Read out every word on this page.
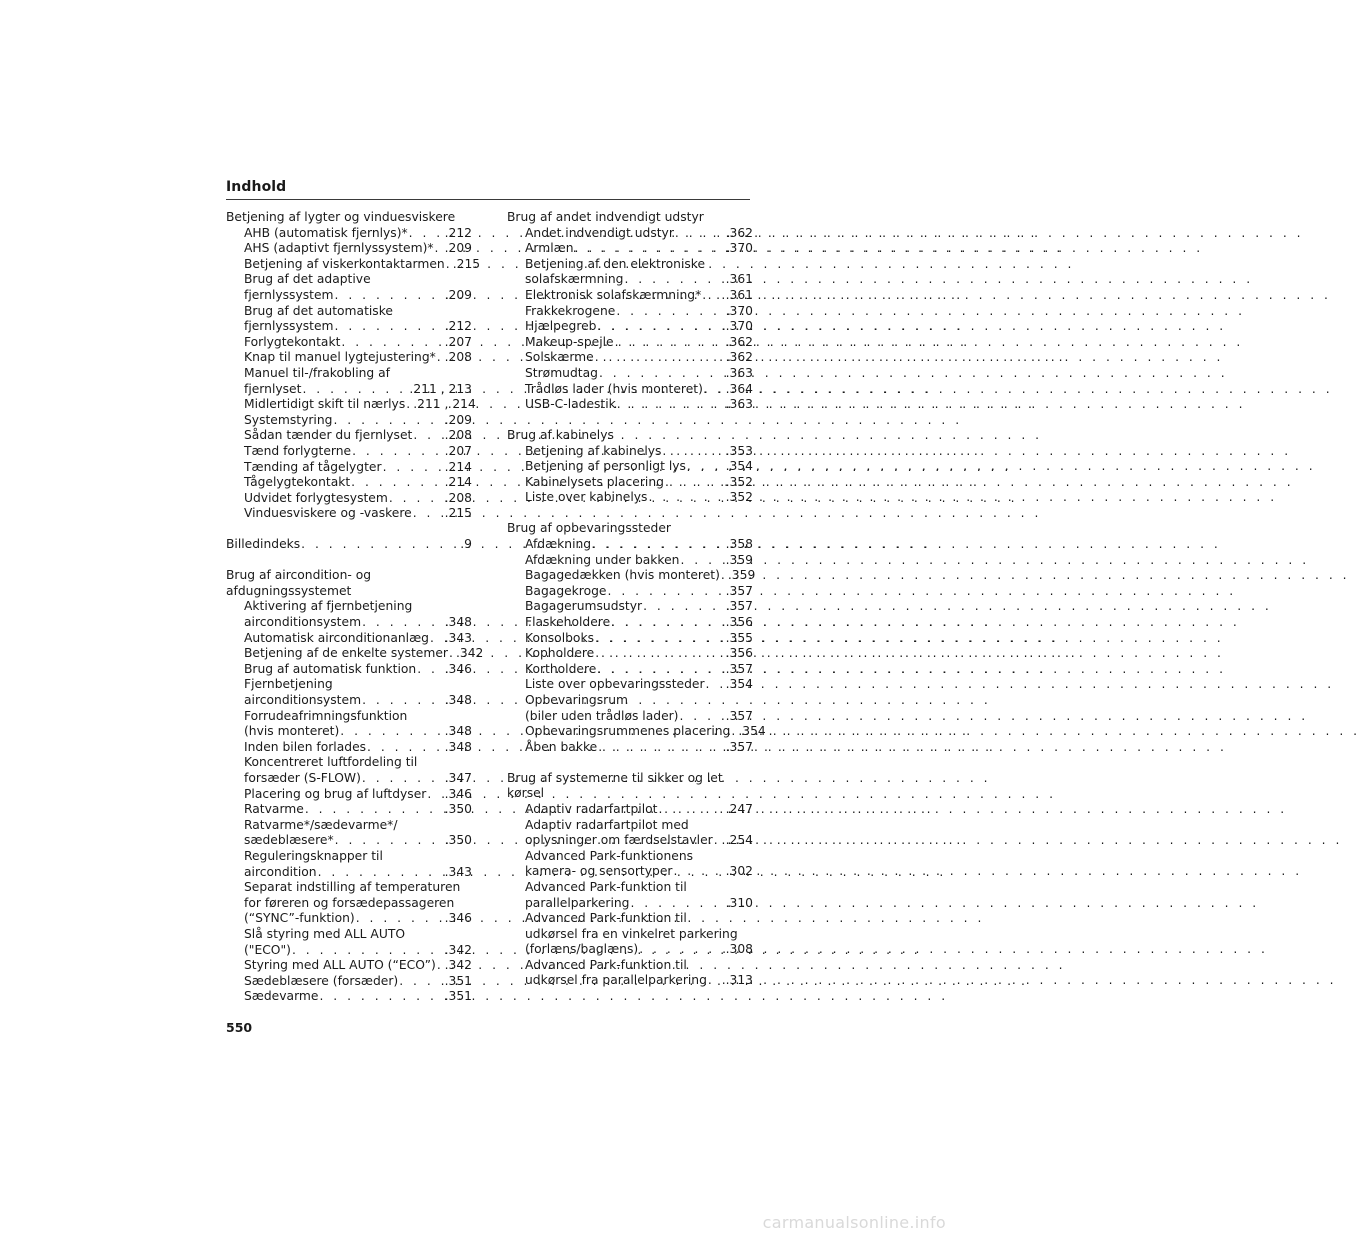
Indhold
Betjening af lygter og vinduesviskere
AHB (automatisk fjernlys)* . . .	.212
AHS (adaptivt fjernlyssystem)* . . . .209
Betjening af viskerkontaktarmen . . . .215
Brug af det adaptive
fjernlyssystem . . .	.209
Brug af det automatiske
fjernlyssystem . . .	.212
Forlygtekontakt . . .	.207
Knap til manuel lygtejustering* . . . .208
Manuel til-/frakobling af
fjernlyset . . .	.211 , 213
Midlertidigt skift til nærlys . . . .211 , 214
Systemstyring . . .	.209
Sådan tænder du fjernlyset . . .	.208
Tænd forlygterne . . .	.207
Tænding af tågelygter . . .	.214
Tågelygtekontakt . . .	.214
Udvidet forlygtesystem . . .	.208
Vinduesviskere og -vaskere . . .	.215
Billedindeks . . .	.9
Brug af aircondition- og
afdugningssystemet
Aktivering af fjernbetjening
airconditionsystem . . .	.348
Automatisk airconditionanlæg . . . .343
Betjening af de enkelte systemer . . . .342
Brug af automatisk funktion . . . .346
Fjernbetjening
airconditionsystem . . .	.348
Forrudeafrimningsfunktion
(hvis monteret) . . .	.348
Inden bilen forlades . . .	.348
Koncentreret luftfordeling til
forsæder (S-FLOW) . . .	.347
Placering og brug af luftdyser . . . .346
Ratvarme . . .	.350
Ratvarme*/sædevarme*/
sædeblæsere* . . .	.350
Reguleringsknapper til
aircondition . . .	.343
Separat indstilling af temperaturen
for føreren og forsædepassageren
(“SYNC”-funktion) . . .	.346
Slå styring med ALL AUTO
("ECO") . . .	.342
Styring med ALL AUTO (“ECO”) . . . .342
Sædeblæsere (forsæder) . . .	.351
Sædevarme . . .	.351
Brug af andet indvendigt udstyr
Andet indvendigt udstyr . . .	.362
Armlæn . . .	.370
Betjening af den elektroniske
solafskærmning . . .	.361
Elektronisk solafskærmning* . . . .361
Frakkekrogene . . .	.370
Hjælpegreb . . .	.370
Makeup-spejle . . .	.362
Solskærme . . .	.362
Strømudtag . . .	.363
Trådløs lader (hvis monteret) . . . .364
USB-C-ladestik . . .	.363
Brug af kabinelys
Betjening af kabinelys . . .	.353
Betjening af personligt lys . . .	.354
Kabinelysets placering . . .	.352
Liste over kabinelys . . .	.352
Brug af opbevaringssteder
Afdækning . . .	.358
Afdækning under bakken . . .	.359
Bagagedækken (hvis monteret) . . . .359
Bagagekroge . . .	.357
Bagagerumsudstyr . . .	.357
Flaskeholdere . . .	.356
Konsolboks . . .	.355
Kopholdere . . .	.356
Kortholdere . . .	.357
Liste over opbevaringssteder . . . .354
Opbevaringsrum
(biler uden trådløs lader) . . .	.357
Opbevaringsrummenes placering . . . .354
Åben bakke . . .	.357
Brug af systemerne til sikker og let
kørsel
Adaptiv radarfartpilot . . .	.247
Adaptiv radarfartpilot med
oplysninger om færdselstavler . . . .254
Advanced Park-funktionens
kamera- og sensortyper . . .	.302
Advanced Park-funktion til
parallelparkering . . .	.310
Advanced Park-funktion til
udkørsel fra en vinkelret parkering
(forlæns/baglæns) . . .	.308
Advanced Park-funktion til
udkørsel fra parallelparkering . . . .313
550
carmanualsonline.info
